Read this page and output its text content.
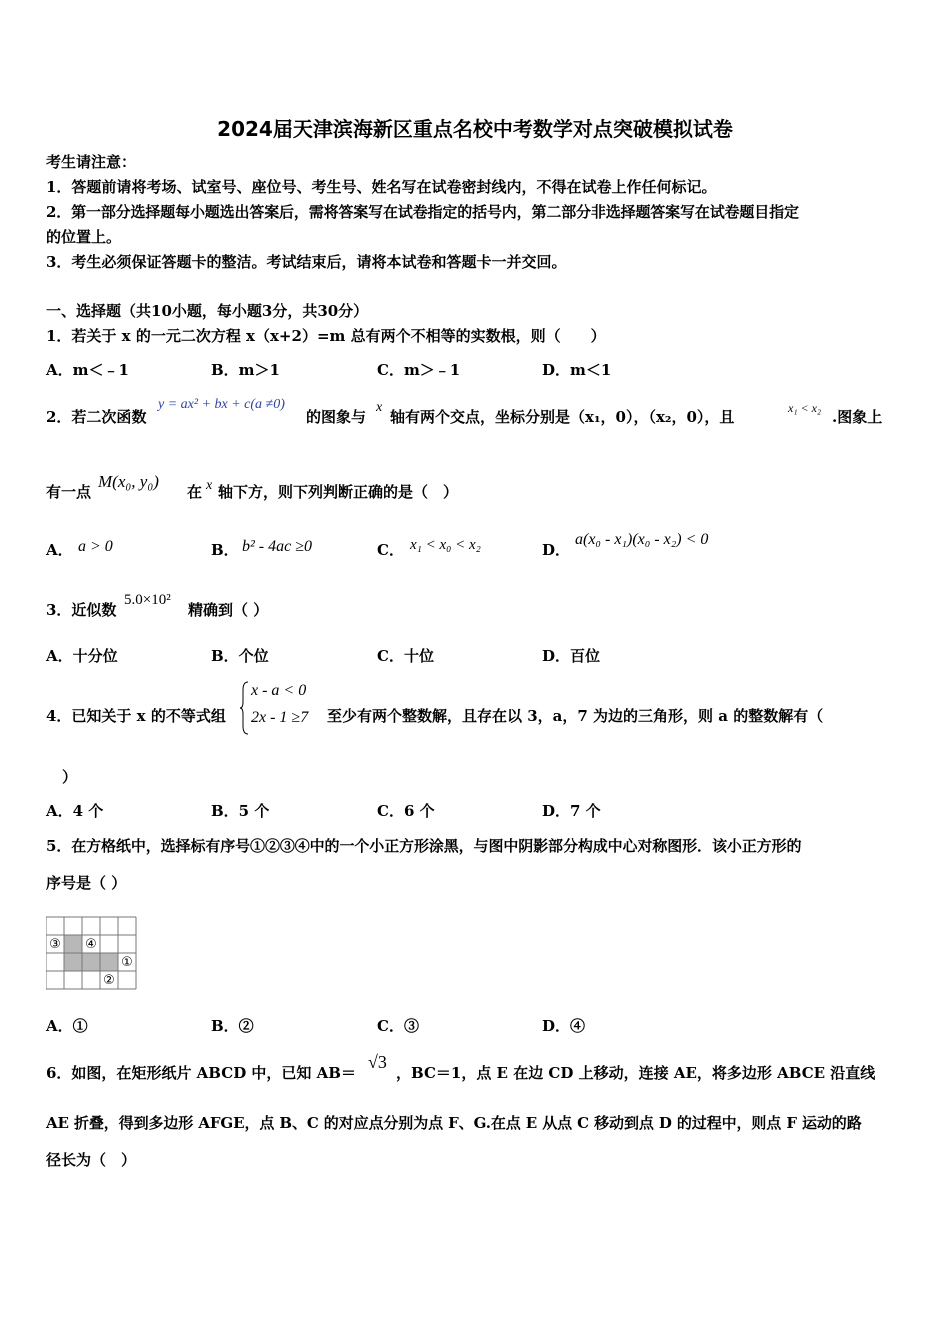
2024届天津滨海新区重点名校中考数学对点突破模拟试卷
考生请注意：
1．答题前请将考场、试室号、座位号、考生号、姓名写在试卷密封线内，不得在试卷上作任何标记。
2．第一部分选择题每小题选出答案后，需将答案写在试卷指定的括号内，第二部分非选择题答案写在试卷题目指定
的位置上。
3．考生必须保证答题卡的整洁。考试结束后，请将本试卷和答题卡一并交回。
一、选择题（共10小题，每小题3分，共30分）
1．若关于 x 的一元二次方程 x（x+2）=m 总有两个不相等的实数根，则（　　）
A．m＜﹣1	B．m＞1	C．m＞﹣1	D．m＜1
2．若二次函数
y = ax² + bx + c(a ≠0)
的图象与
x
轴有两个交点，坐标分别是（x₁，0），（x₂，0），且	x₁ < x₂ .图象上
有一点
M(x₀, y₀)
在 x 轴下方，则下列判断正确的是（　）
A． a > 0	B． b² - 4ac ≥0	C． x₁ < x₀ < x₂	D．
a(x₀ - x₁)(x₀ - x₂) < 0
3．近似数
5.0×10²
精确到（ ）
A．十分位	B．个位	C．十位	D．百位
4．已知关于 x 的不等式组
x - a < 0
2x - 1 ≥7 至少有两个整数解，且存在以 3，a，7 为边的三角形，则 a 的整数解有（
）
A．4 个	B．5 个	C．6 个	D．7 个
5．在方格纸中，选择标有序号①②③④中的一个小正方形涂黑，与图中阴影部分构成中心对称图形．该小正方形的
序号是（ ）
③ ④
①
②
A．①	B．②	C．③	D．④
6．如图，在矩形纸片 ABCD 中，已知 AB＝
√3
，BC＝1，点 E 在边 CD 上移动，连接 AE，将多边形 ABCE 沿直线
AE 折叠，得到多边形 AFGE，点 B、C 的对应点分别为点 F、G.在点 E 从点 C 移动到点 D 的过程中，则点 F 运动的路
径长为（　）
